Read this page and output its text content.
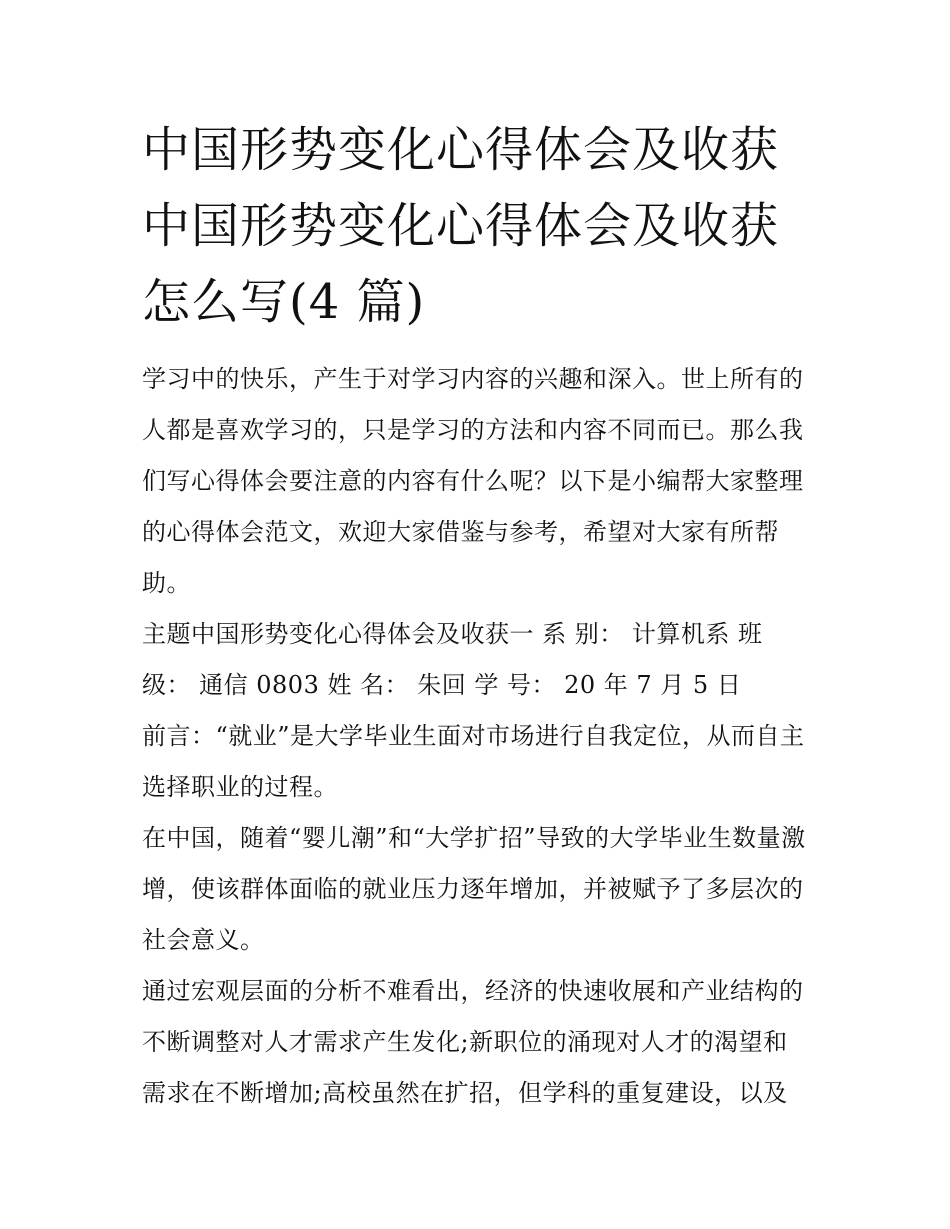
中国形势变化心得体会及收获
中国形势变化心得体会及收获
怎么写(4 篇)

学习中的快乐，产生于对学习内容的兴趣和深入。世上所有的
人都是喜欢学习的，只是学习的方法和内容不同而已。那么我
们写心得体会要注意的内容有什么呢？以下是小编帮大家整理
的心得体会范文，欢迎大家借鉴与参考，希望对大家有所帮
助。

主题中国形势变化心得体会及收获一 系 别： 计算机系 班
级： 通信 0803 姓 名： 朱回 学 号： 20 年 7 月 5 日

前言：“就业”是大学毕业生面对市场进行自我定位，从而自主
选择职业的过程。

在中国，随着“婴儿潮”和“大学扩招”导致的大学毕业生数量激
增，使该群体面临的就业压力逐年增加，并被赋予了多层次的
社会意义。

通过宏观层面的分析不难看出，经济的快速收展和产业结构的
不断调整对人才需求产生发化;新职位的涌现对人才的渴望和
需求在不断增加;高校虽然在扩招，但学科的重复建设，以及
